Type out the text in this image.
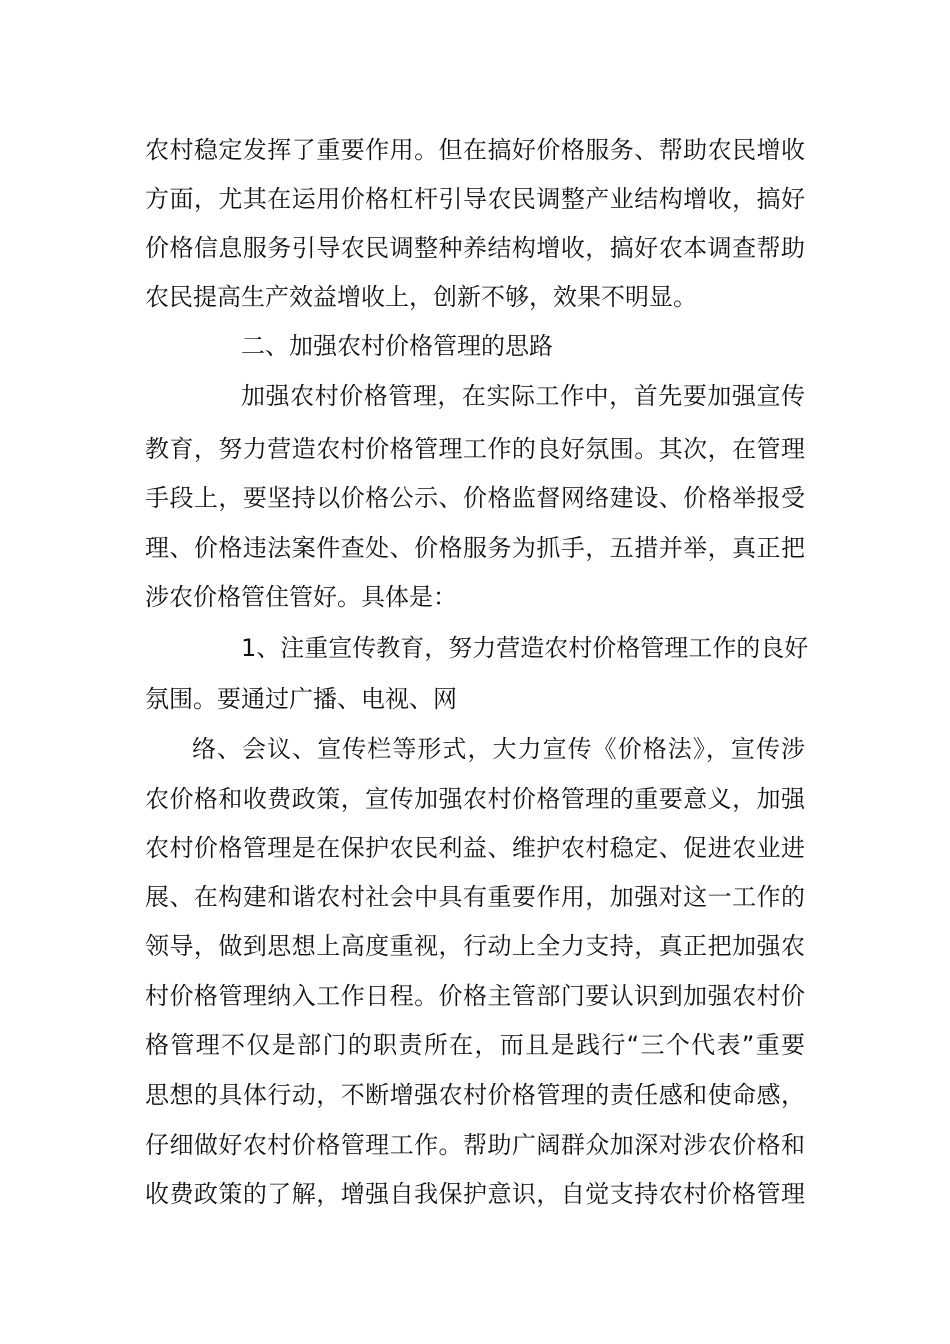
农村稳定发挥了重要作用。但在搞好价格服务、帮助农民增收
方面，尤其在运用价格杠杆引导农民调整产业结构增收，搞好
价格信息服务引导农民调整种养结构增收，搞好农本调查帮助
农民提高生产效益增收上，创新不够，效果不明显。
二、加强农村价格管理的思路
加强农村价格管理，在实际工作中，首先要加强宣传
教育，努力营造农村价格管理工作的良好氛围。其次，在管理
手段上，要坚持以价格公示、价格监督网络建设、价格举报受
理、价格违法案件查处、价格服务为抓手，五措并举，真正把
涉农价格管住管好。具体是：
1、注重宣传教育，努力营造农村价格管理工作的良好
氛围。要通过广播、电视、网
络、会议、宣传栏等形式，大力宣传《价格法》，宣传涉
农价格和收费政策，宣传加强农村价格管理的重要意义，加强
农村价格管理是在保护农民利益、维护农村稳定、促进农业进
展、在构建和谐农村社会中具有重要作用，加强对这一工作的
领导，做到思想上高度重视，行动上全力支持，真正把加强农
村价格管理纳入工作日程。价格主管部门要认识到加强农村价
格管理不仅是部门的职责所在，而且是践行“三个代表”重要
思想的具体行动，不断增强农村价格管理的责任感和使命感，
仔细做好农村价格管理工作。帮助广阔群众加深对涉农价格和
收费政策的了解，增强自我保护意识，自觉支持农村价格管理
